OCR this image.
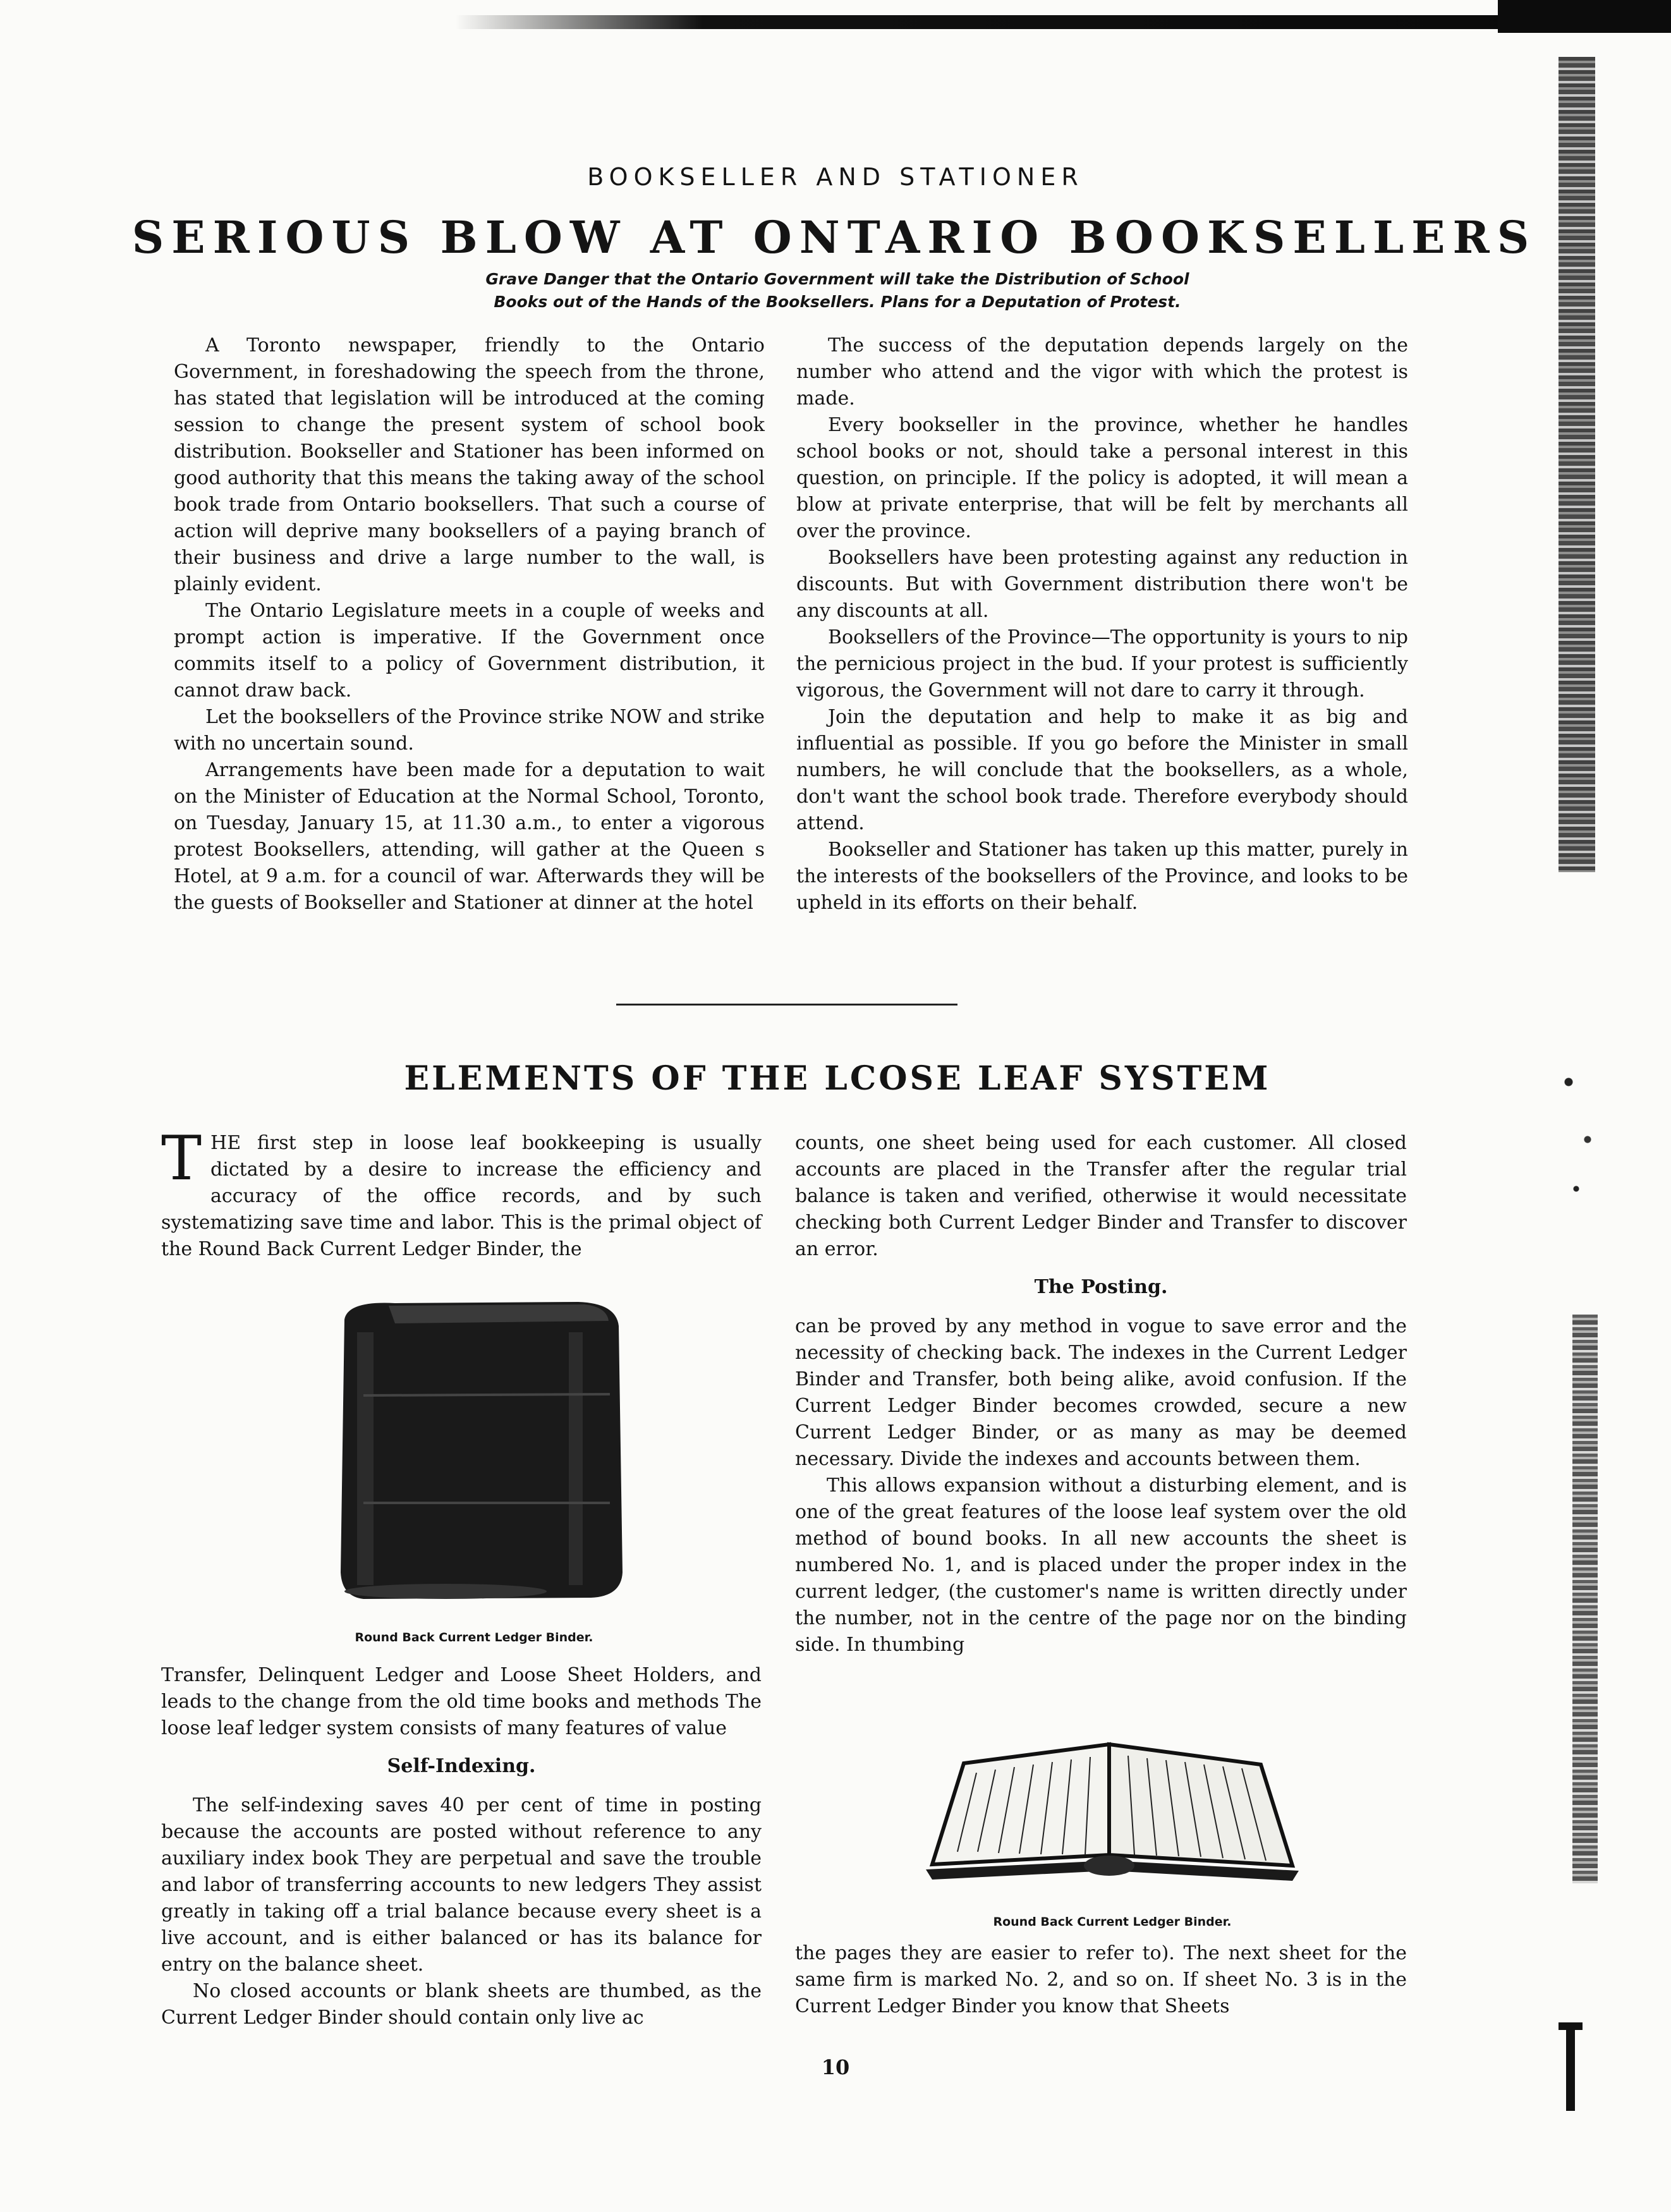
BOOKSELLER AND STATIONER
SERIOUS BLOW AT ONTARIO BOOKSELLERS
Grave Danger that the Ontario Government will take the Distribution of School
Books out of the Hands of the Booksellers. Plans for a Deputation of Protest.

A Toronto newspaper, friendly to the Ontario Government, in foreshadowing the speech from the throne, has stated that legislation will be introduced at the coming session to change the present system of school book distribution. Bookseller and Stationer has been informed on good authority that this means the taking away of the school book trade from Ontario booksellers. That such a course of action will deprive many booksellers of a paying branch of their business and drive a large number to the wall, is plainly evident.

The Ontario Legislature meets in a couple of weeks and prompt action is imperative. If the Government once commits itself to a policy of Government distribution, it cannot draw back.

Let the booksellers of the Province strike NOW and strike with no uncertain sound.

Arrangements have been made for a deputation to wait on the Minister of Education at the Normal School, Toronto, on Tuesday, January 15, at 11.30 a.m., to enter a vigorous protest Booksellers, attending, will gather at the Queen s Hotel, at 9 a.m. for a council of war. Afterwards they will be the guests of Bookseller and Stationer at dinner at the hotel

The success of the deputation depends largely on the number who attend and the vigor with which the protest is made.

Every bookseller in the province, whether he handles school books or not, should take a personal interest in this question, on principle. If the policy is adopted, it will mean a blow at private enterprise, that will be felt by merchants all over the province.

Booksellers have been protesting against any reduction in discounts. But with Government distribution there won't be any discounts at all.

Booksellers of the Province—The opportunity is yours to nip the pernicious project in the bud. If your protest is sufficiently vigorous, the Government will not dare to carry it through.

Join the deputation and help to make it as big and influential as possible. If you go before the Minister in small numbers, he will conclude that the booksellers, as a whole, don't want the school book trade. Therefore everybody should attend.

Bookseller and Stationer has taken up this matter, purely in the interests of the booksellers of the Province, and looks to be upheld in its efforts on their behalf.

ELEMENTS OF THE LCOSE LEAF SYSTEM

THE first step in loose leaf bookkeeping is usually dictated by a desire to increase the efficiency and accuracy of the office records, and by such systematizing save time and labor. This is the primal object of the Round Back Current Ledger Binder, the

Round Back Current Ledger Binder.

Transfer, Delinquent Ledger and Loose Sheet Holders, and leads to the change from the old time books and methods The loose leaf ledger system consists of many features of value

Self-Indexing.

The self-indexing saves 40 per cent of time in posting because the accounts are posted without reference to any auxiliary index book They are perpetual and save the trouble and labor of transferring accounts to new ledgers They assist greatly in taking off a trial balance because every sheet is a live account, and is either balanced or has its balance for entry on the balance sheet.

No closed accounts or blank sheets are thumbed, as the Current Ledger Binder should contain only live ac

counts, one sheet being used for each customer. All closed accounts are placed in the Transfer after the regular trial balance is taken and verified, otherwise it would necessitate checking both Current Ledger Binder and Transfer to discover an error.

The Posting.

can be proved by any method in vogue to save error and the necessity of checking back. The indexes in the Current Ledger Binder and Transfer, both being alike, avoid confusion. If the Current Ledger Binder becomes crowded, secure a new Current Ledger Binder, or as many as may be deemed necessary. Divide the indexes and accounts between them.

This allows expansion without a disturbing element, and is one of the great features of the loose leaf system over the old method of bound books. In all new accounts the sheet is numbered No. 1, and is placed under the proper index in the current ledger, (the customer's name is written directly under the number, not in the centre of the page nor on the binding side. In thumbing

Round Back Current Ledger Binder.

the pages they are easier to refer to). The next sheet for the same firm is marked No. 2, and so on. If sheet No. 3 is in the Current Ledger Binder you know that Sheets

10
